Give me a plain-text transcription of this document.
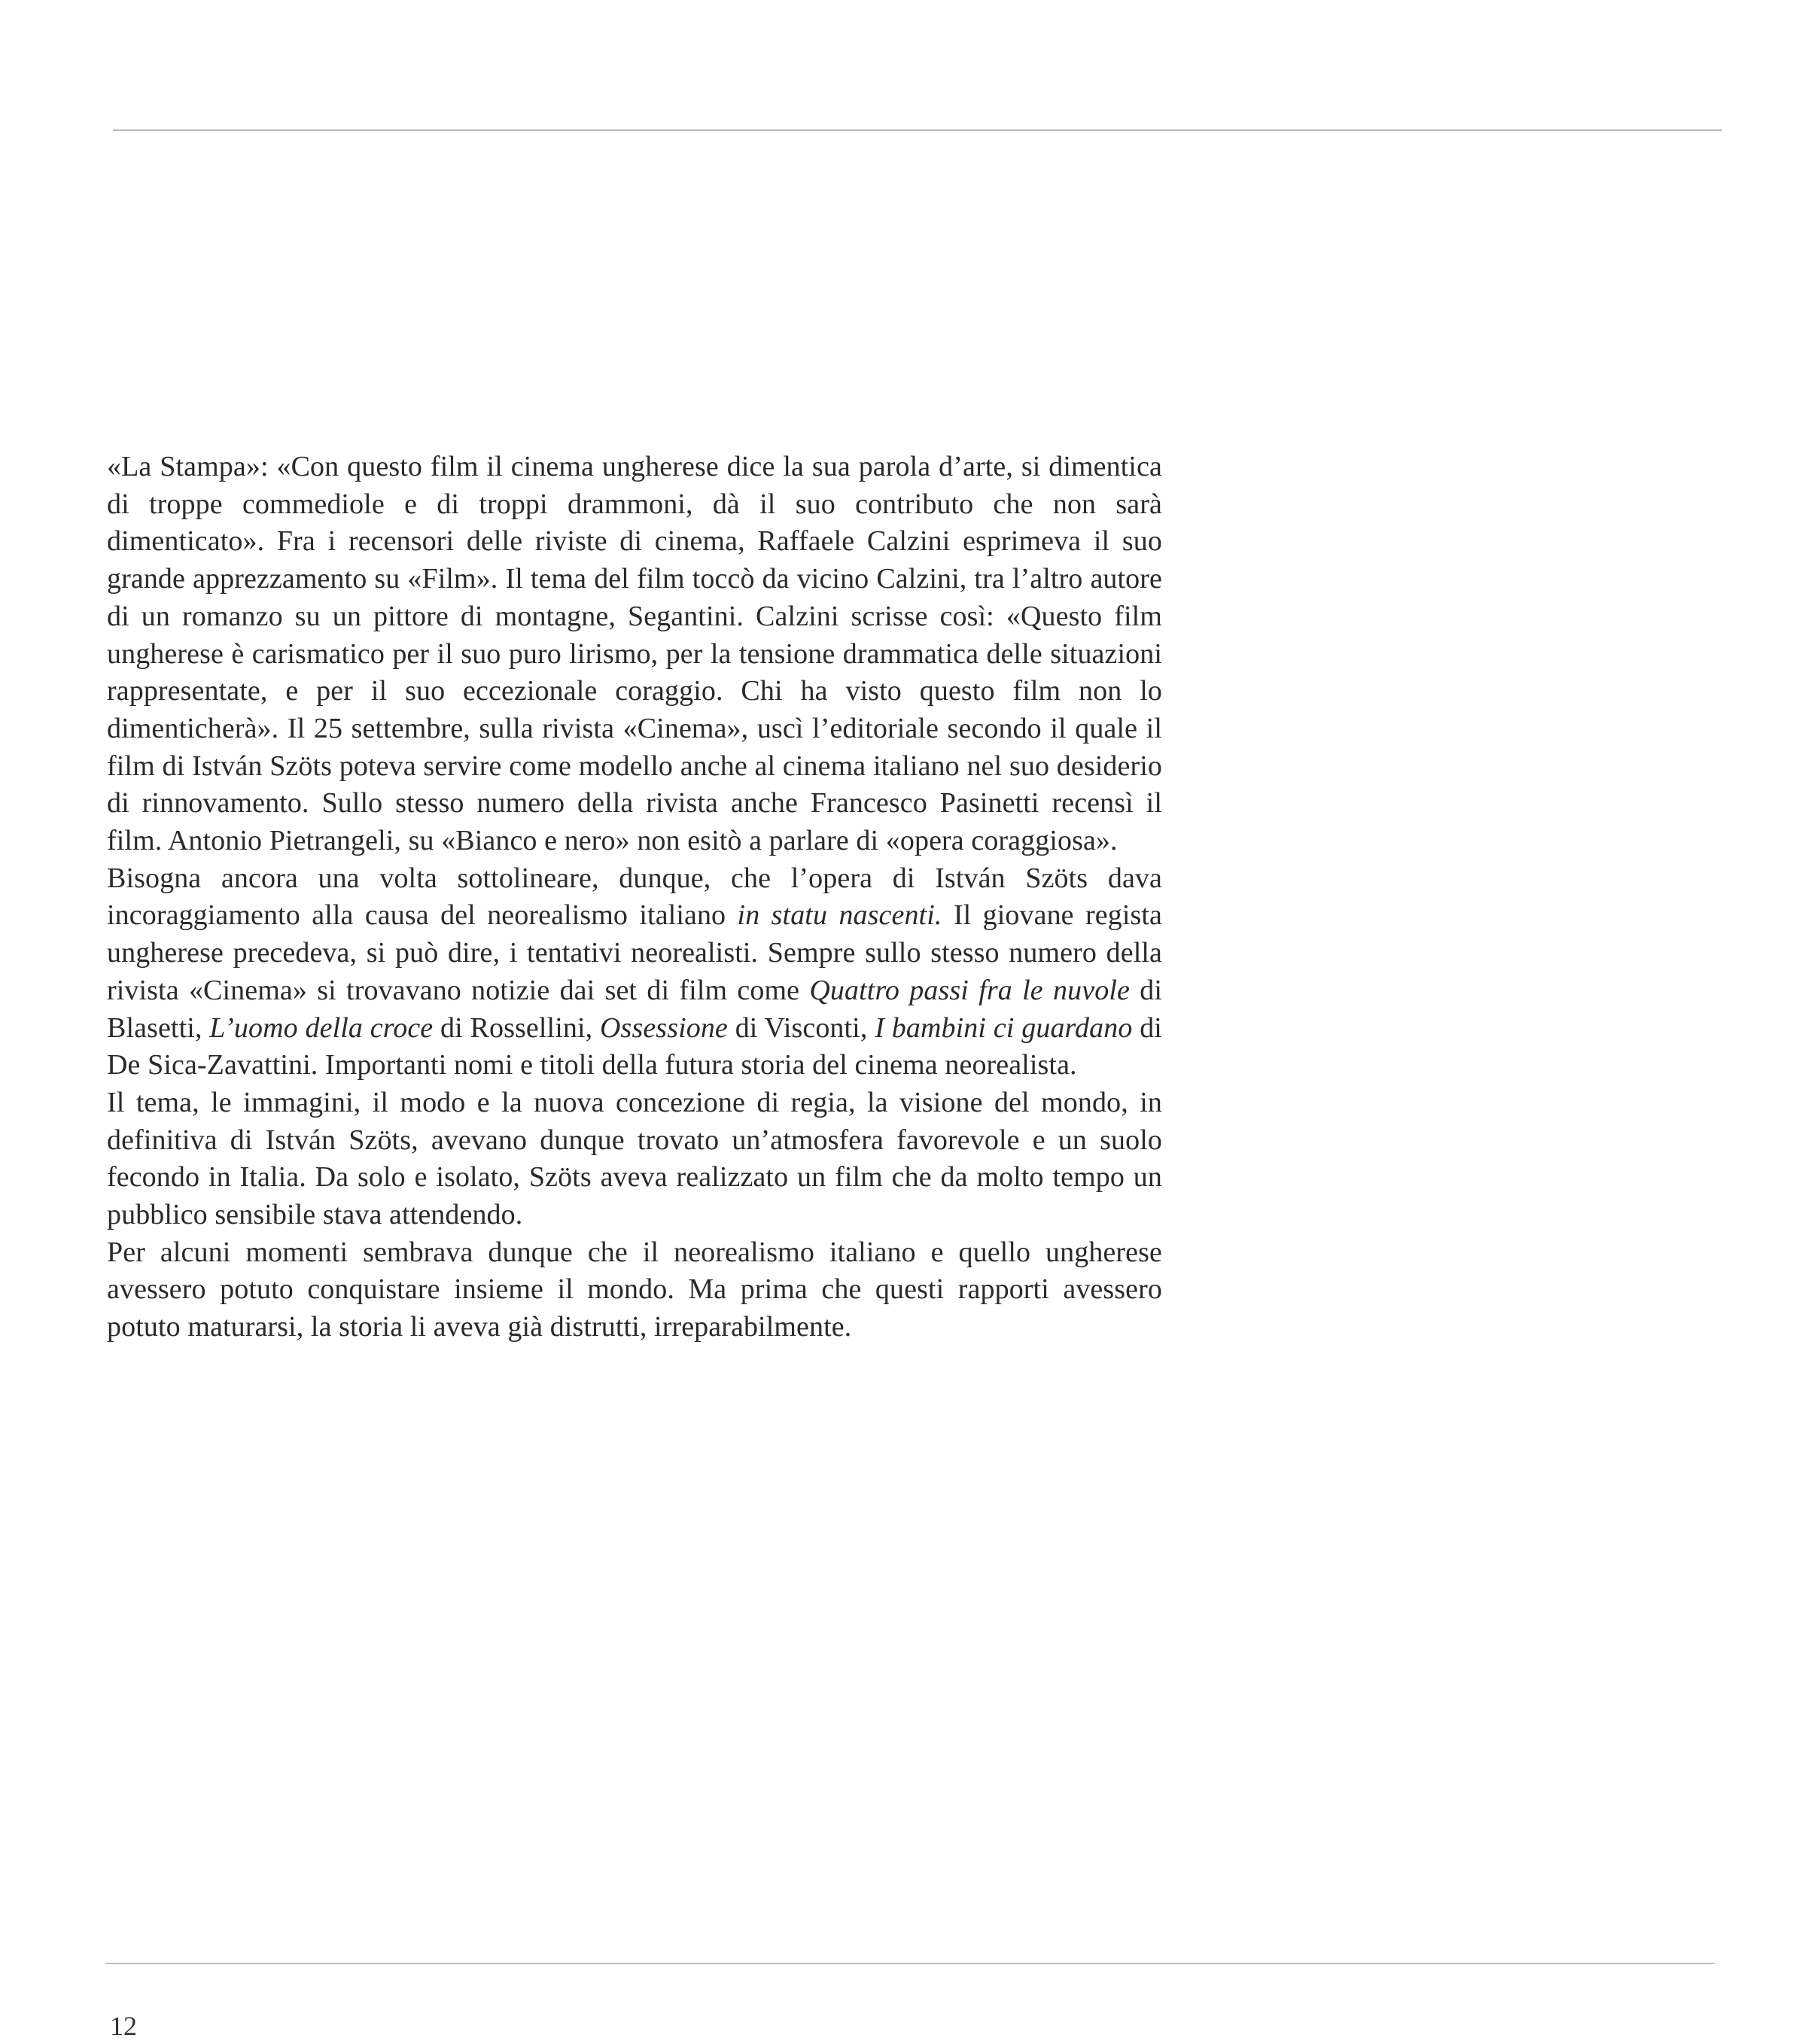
«La Stampa»: «Con questo film il cinema ungherese dice la sua parola d’arte, si dimentica di troppe commediole e di troppi drammoni, dà il suo contributo che non sarà dimenticato». Fra i recensori delle riviste di cinema, Raffaele Calzini esprimeva il suo grande apprezzamento su «Film». Il tema del film toccò da vicino Calzini, tra l’altro autore di un romanzo su un pittore di montagne, Segantini. Calzini scrisse così: «Questo film ungherese è carismatico per il suo puro lirismo, per la tensione drammatica delle situazioni rappresentate, e per il suo eccezionale coraggio. Chi ha visto questo film non lo dimenticherà». Il 25 settembre, sulla rivista «Cinema», uscì l’editoriale secondo il quale il film di István Szöts poteva servire come modello anche al cinema italiano nel suo desiderio di rinnovamento. Sullo stesso numero della rivista anche Francesco Pasinetti recensì il film. Antonio Pietrangeli, su «Bianco e nero» non esitò a parlare di «opera coraggiosa».

Bisogna ancora una volta sottolineare, dunque, che l’opera di István Szöts dava incoraggiamento alla causa del neorealismo italiano in statu nascenti. Il giovane regista ungherese precedeva, si può dire, i tentativi neorealisti. Sempre sullo stesso numero della rivista «Cinema» si trovavano notizie dai set di film come Quattro passi fra le nuvole di Blasetti, L’uomo della croce di Rossellini, Ossessione di Visconti, I bambini ci guardano di De Sica-Zavattini. Importanti nomi e titoli della futura storia del cinema neorealista.

Il tema, le immagini, il modo e la nuova concezione di regia, la visione del mondo, in definitiva di István Szöts, avevano dunque trovato un’atmosfera favorevole e un suolo fecondo in Italia. Da solo e isolato, Szöts aveva realizzato un film che da molto tempo un pubblico sensibile stava attendendo.

Per alcuni momenti sembrava dunque che il neorealismo italiano e quello ungherese avessero potuto conquistare insieme il mondo. Ma prima che questi rapporti avessero potuto maturarsi, la storia li aveva già distrutti, irreparabilmente.

12
